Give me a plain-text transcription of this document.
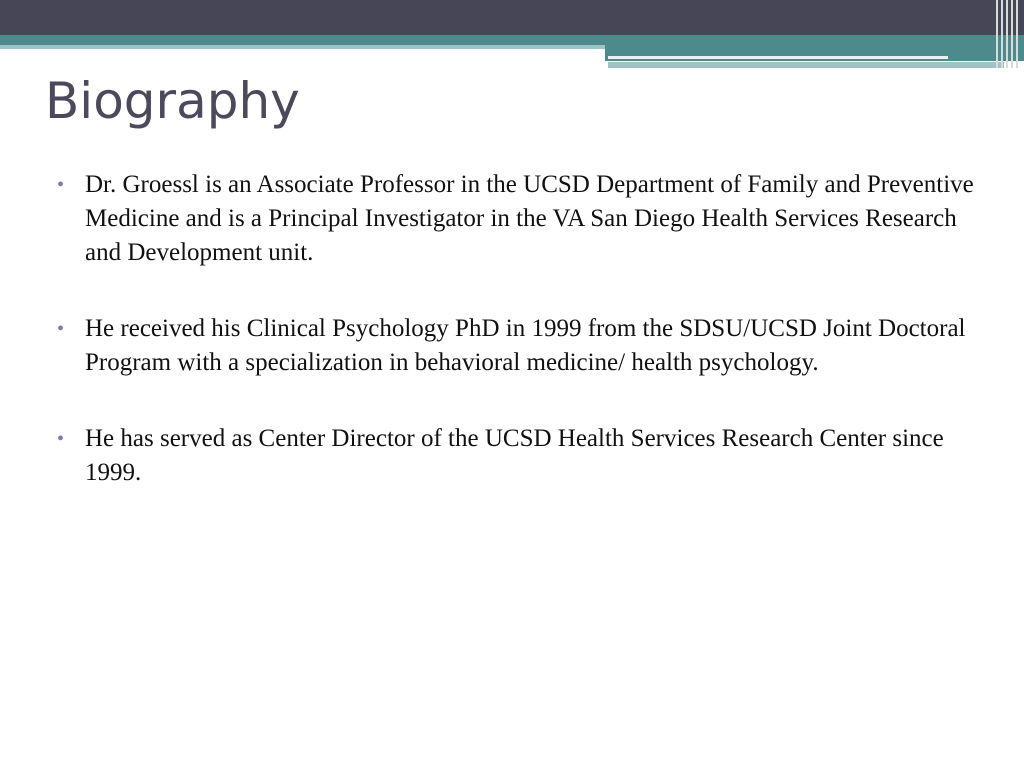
Biography
• Dr. Groessl is an Associate Professor in the UCSD Department of Family and Preventive Medicine and is a Principal Investigator in the VA San Diego Health Services Research and Development unit.
• He received his Clinical Psychology PhD in 1999 from the SDSU/UCSD Joint Doctoral Program with a specialization in behavioral medicine/ health psychology.
• He has served as Center Director of the UCSD Health Services Research Center since 1999.
